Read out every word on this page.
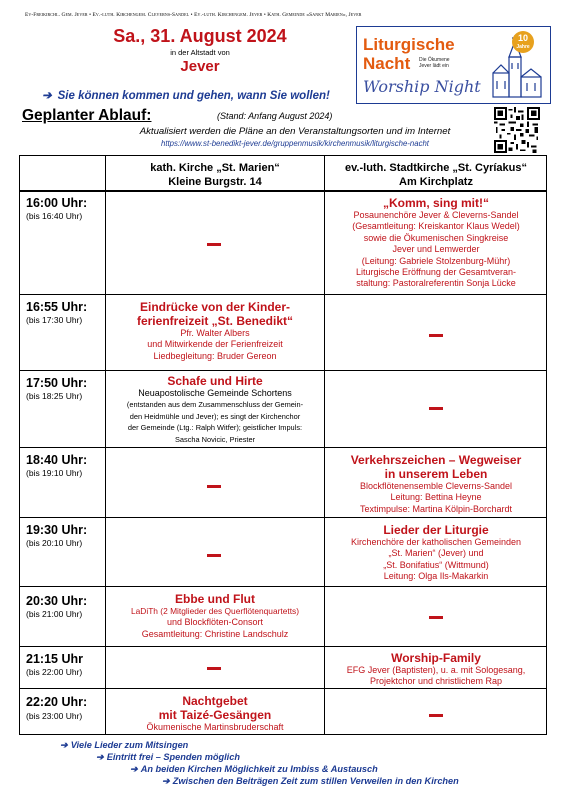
Ev-Freikirchl. Gem. Jever • Ev.-luth. Kirchengem. Cleverns-Sandel • Ev.-luth. Kirchengem. Jever • Kath. Gemeinde »Sankt Marien«, Jever
Sa., 31. August 2024
in der Altstadt von
Jever
Liturgische
Nacht Die Ökumene Jever lädt ein
Worship Night
10
Jahre
➔ Sie können kommen und gehen, wann Sie wollen!
Geplanter Ablauf:	(Stand: Anfang August 2024)
Aktualisiert werden die Pläne an den Veranstaltungsorten und im Internet
https://www.st-benedikt-jever.de/gruppenmusik/kirchenmusik/liturgische-nacht
kath. Kirche „St. Marien“
Kleine Burgstr. 14
ev.-luth. Stadtkirche „St. Cyríakus“
Am Kirchplatz
16:00 Uhr:
(bis 16:40 Uhr)
„Komm, sing mit!“
Posaunenchöre Jever & Cleverns-Sandel
(Gesamtleitung: Kreiskantor Klaus Wedel)
sowie die Ökumenischen Singkreise
Jever und Lemwerder
(Leitung: Gabriele Stolzenburg-Mühr)
Liturgische Eröffnung der Gesamtveran-
staltung: Pastoralreferentin Sonja Lücke
16:55 Uhr:
(bis 17:30 Uhr)
Eindrücke von der Kinder-
ferienfreizeit „St. Benedikt“
Pfr. Walter Albers
und Mitwirkende der Ferienfreizeit
Liedbegleitung: Bruder Gereon
17:50 Uhr:
(bis 18:25 Uhr)
Schafe und Hirte
Neuapostolische Gemeinde Schortens
(entstanden aus dem Zusammenschluss der Gemein-
den Heidmühle und Jever); es singt der Kirchenchor
der Gemeinde (Ltg.: Ralph Witfer); geistlicher Impuls:
Sascha Novicic, Priester
18:40 Uhr:
(bis 19:10 Uhr)
Verkehrszeichen – Wegweiser
in unserem Leben
Blockflötenensemble Cleverns-Sandel
Leitung: Bettina Heyne
Textimpulse: Martina Kölpin-Borchardt
19:30 Uhr:
(bis 20:10 Uhr)
Lieder der Liturgie
Kirchenchöre der katholischen Gemeinden
„St. Marien“ (Jever) und
„St. Bonifatius“ (Wittmund)
Leitung: Olga Ils-Makarkin
20:30 Uhr:
(bis 21:00 Uhr)
Ebbe und Flut
LaDiTh (2 Mitglieder des Querflötenquartetts)
und Blockflöten-Consort
Gesamtleitung: Christine Landschulz
21:15 Uhr
(bis 22:00 Uhr)
Worship-Family
EFG Jever (Baptisten), u. a. mit Sologesang,
Projektchor und christlichem Rap
22:20 Uhr:
(bis 23:00 Uhr)
Nachtgebet
mit Taizé-Gesängen
Ökumenische Martinsbruderschaft
➔ Viele Lieder zum Mitsingen
➔ Eintritt frei – Spenden möglich
➔ An beiden Kirchen Möglichkeit zu Imbiss & Austausch
➔ Zwischen den Beiträgen Zeit zum stillen Verweilen in den Kirchen
